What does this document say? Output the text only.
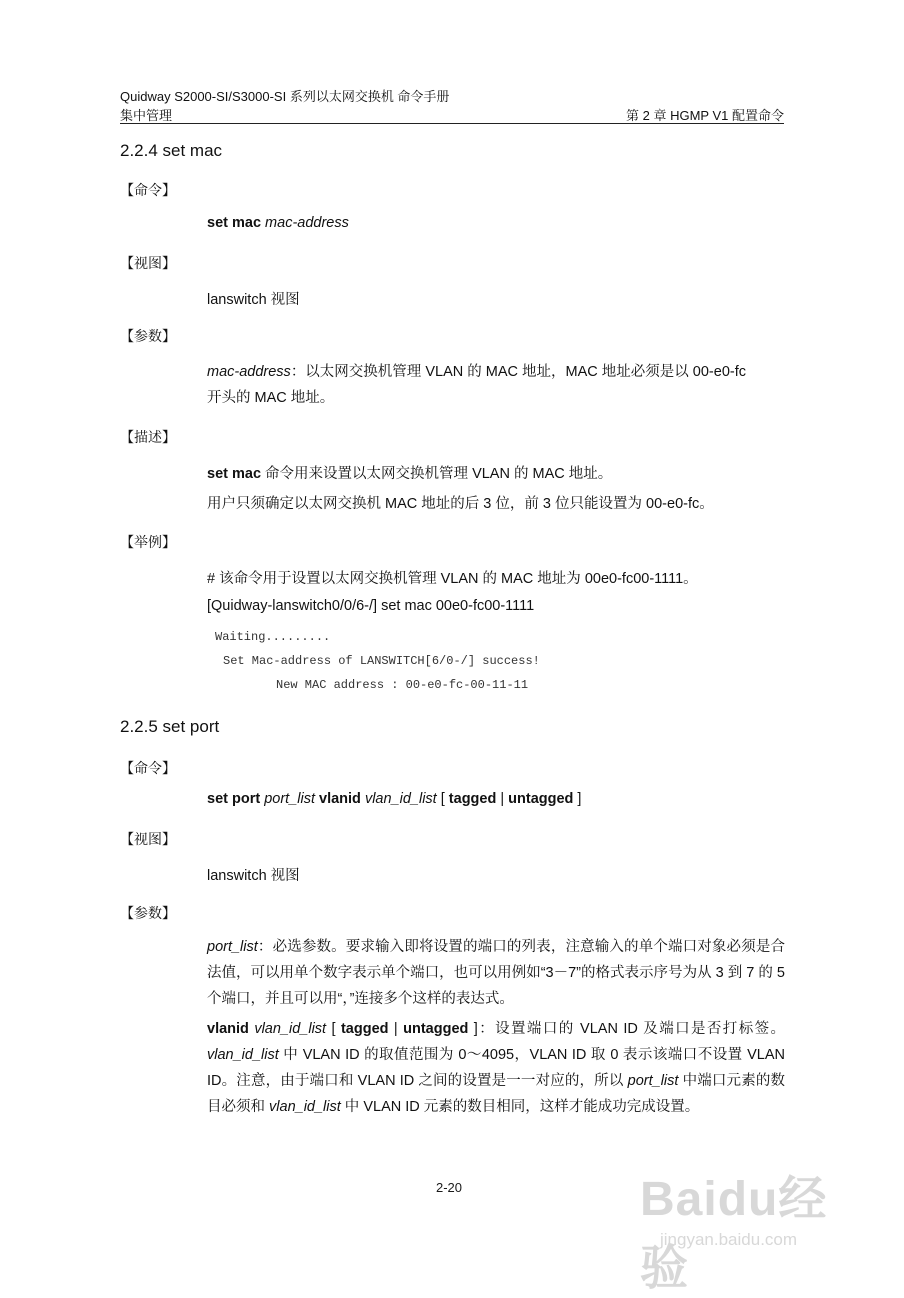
Quidway S2000-SI/S3000-SI 系列以太网交换机 命令手册
集中管理	第 2 章 HGMP V1 配置命令
2.2.4 set mac
【命令】
set mac mac-address
【视图】
lanswitch 视图
【参数】
mac-address：以太网交换机管理 VLAN 的 MAC 地址，MAC 地址必须是以 00-e0-fc
开头的 MAC 地址。
【描述】
set mac 命令用来设置以太网交换机管理 VLAN 的 MAC 地址。
用户只须确定以太网交换机 MAC 地址的后 3 位，前 3 位只能设置为 00-e0-fc。
【举例】
# 该命令用于设置以太网交换机管理 VLAN 的 MAC 地址为 00e0-fc00-1111。
[Quidway-lanswitch0/0/6-/] set mac 00e0-fc00-1111
Waiting.........
Set Mac-address of LANSWITCH[6/0-/] success!
New MAC address : 00-e0-fc-00-11-11
2.2.5 set port
【命令】
set port port_list vlanid vlan_id_list [ tagged | untagged ]
【视图】
lanswitch 视图
【参数】
port_list：必选参数。要求输入即将设置的端口的列表，注意输入的单个端口对象必须是合法值，可以用单个数字表示单个端口，也可以用例如“3－7”的格式表示序号为从 3 到 7 的 5 个端口，并且可以用“，”连接多个这样的表达式。
vlanid vlan_id_list [ tagged | untagged ]：设置端口的 VLAN ID 及端口是否打标签。vlan_id_list 中 VLAN ID 的取值范围为 0～4095，VLAN ID 取 0 表示该端口不设置 VLAN ID。注意，由于端口和 VLAN ID 之间的设置是一一对应的，所以 port_list 中端口元素的数目必须和 vlan_id_list 中 VLAN ID 元素的数目相同，这样才能成功完成设置。
2-20	Baidu经验
jingyan.baidu.com
